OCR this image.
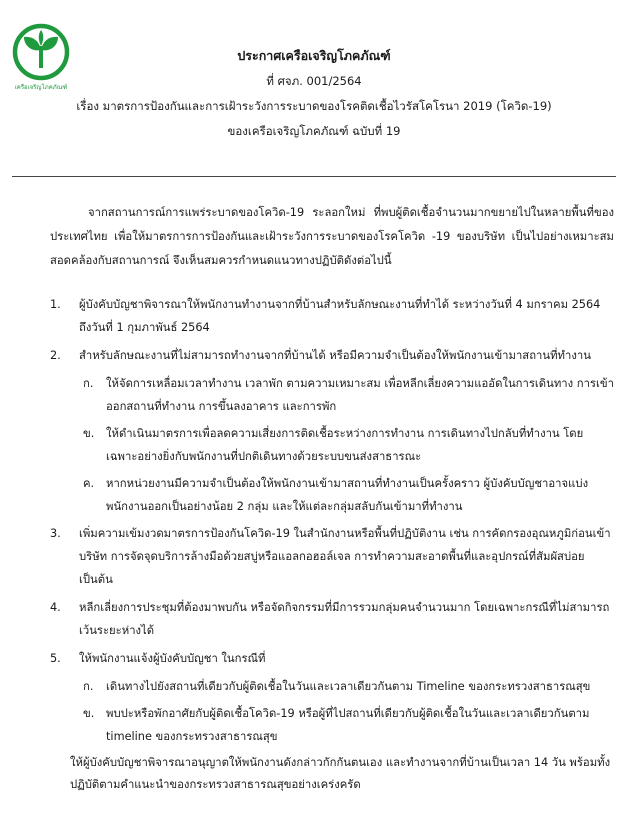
เครือเจริญโภคภัณฑ์
ประกาศเครือเจริญโภคภัณฑ์
ที่ ศจภ. 001/2564
เรื่อง มาตรการป้องกันและการเฝ้าระวังการระบาดของโรคติดเชื้อไวรัสโคโรนา 2019 (โควิด-19)
ของเครือเจริญโภคภัณฑ์ ฉบับที่ 19

จากสถานการณ์การแพร่ระบาดของโควิด-19 ระลอกใหม่ ที่พบผู้ติดเชื้อจำนวนมากขยายไปในหลายพื้นที่ของประเทศไทย เพื่อให้มาตรการการป้องกันและเฝ้าระวังการระบาดของโรคโควิด -19 ของบริษัท เป็นไปอย่างเหมาะสมสอดคล้องกับสถานการณ์ จึงเห็นสมควรกำหนดแนวทางปฏิบัติดังต่อไปนี้

1.	ผู้บังคับบัญชาพิจารณาให้พนักงานทำงานจากที่บ้านสำหรับลักษณะงานที่ทำได้ ระหว่างวันที่ 4 มกราคม 2564 ถึงวันที่ 1 กุมภาพันธ์ 2564
2.	สำหรับลักษณะงานที่ไม่สามารถทำงานจากที่บ้านได้ หรือมีความจำเป็นต้องให้พนักงานเข้ามาสถานที่ทำงาน
ก.	ให้จัดการเหลื่อมเวลาทำงาน เวลาพัก ตามความเหมาะสม เพื่อหลีกเลี่ยงความแออัดในการเดินทาง การเข้าออกสถานที่ทำงาน การขึ้นลงอาคาร และการพัก
ข.	ให้ดำเนินมาตรการเพื่อลดความเสี่ยงการติดเชื้อระหว่างการทำงาน การเดินทางไปกลับที่ทำงาน โดยเฉพาะอย่างยิ่งกับพนักงานที่ปกติเดินทางด้วยระบบขนส่งสาธารณะ
ค.	หากหน่วยงานมีความจำเป็นต้องให้พนักงานเข้ามาสถานที่ทำงานเป็นครั้งคราว ผู้บังคับบัญชาอาจแบ่งพนักงานออกเป็นอย่างน้อย 2 กลุ่ม และให้แต่ละกลุ่มสลับกันเข้ามาที่ทำงาน
3.	เพิ่มความเข้มงวดมาตรการป้องกันโควิด-19 ในสำนักงานหรือพื้นที่ปฏิบัติงาน เช่น การคัดกรองอุณหภูมิก่อนเข้าบริษัท การจัดจุดบริการล้างมือด้วยสบู่หรือแอลกอฮอล์เจล การทำความสะอาดพื้นที่และอุปกรณ์ที่สัมผัสบ่อยเป็นต้น
4.	หลีกเลี่ยงการประชุมที่ต้องมาพบกัน หรือจัดกิจกรรมที่มีการรวมกลุ่มคนจำนวนมาก โดยเฉพาะกรณีที่ไม่สามารถเว้นระยะห่างได้
5.	ให้พนักงานแจ้งผู้บังคับบัญชา ในกรณีที่
ก.	เดินทางไปยังสถานที่เดียวกับผู้ติดเชื้อในวันและเวลาเดียวกันตาม Timeline ของกระทรวงสาธารณสุข
ข.	พบปะหรือพักอาศัยกับผู้ติดเชื้อโควิด-19 หรือผู้ที่ไปสถานที่เดียวกับผู้ติดเชื้อในวันและเวลาเดียวกันตาม timeline ของกระทรวงสาธารณสุข
ให้ผู้บังคับบัญชาพิจารณาอนุญาตให้พนักงานดังกล่าวกักกันตนเอง และทำงานจากที่บ้านเป็นเวลา 14 วัน พร้อมทั้งปฏิบัติตามคำแนะนำของกระทรวงสาธารณสุขอย่างเคร่งครัด
